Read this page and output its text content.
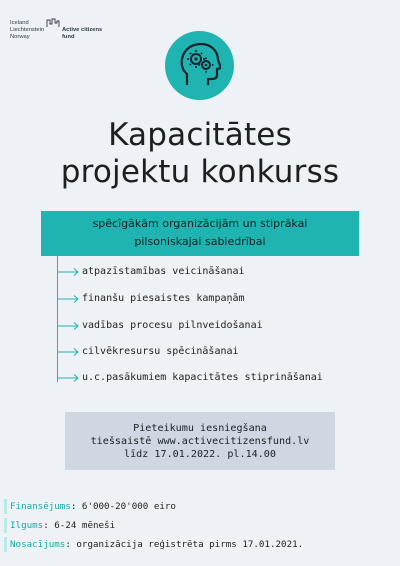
Iceland
Liechtenstein
Norway
Active citizens fund
Kapacitātes
projektu konkurss
spēcīgākām organizācijām un stiprākai
pilsoniskajai sabiedrībai
atpazīstamības veicināšanai
finanšu piesaistes kampaņām
vadības procesu pilnveidošanai
cilvēkresursu spēcināšanai
u.c.pasākumiem kapacitātes stiprināšanai

Pieteikumu iesniegšana

tiešsaistē www.activecitizensfund.lv

līdz 17.01.2022. pl.14.00

Finansējums: 6'000-20'000 eiro
Ilgums: 6-24 mēneši
Nosacījums: organizācija reģistrēta pirms 17.01.2021.
